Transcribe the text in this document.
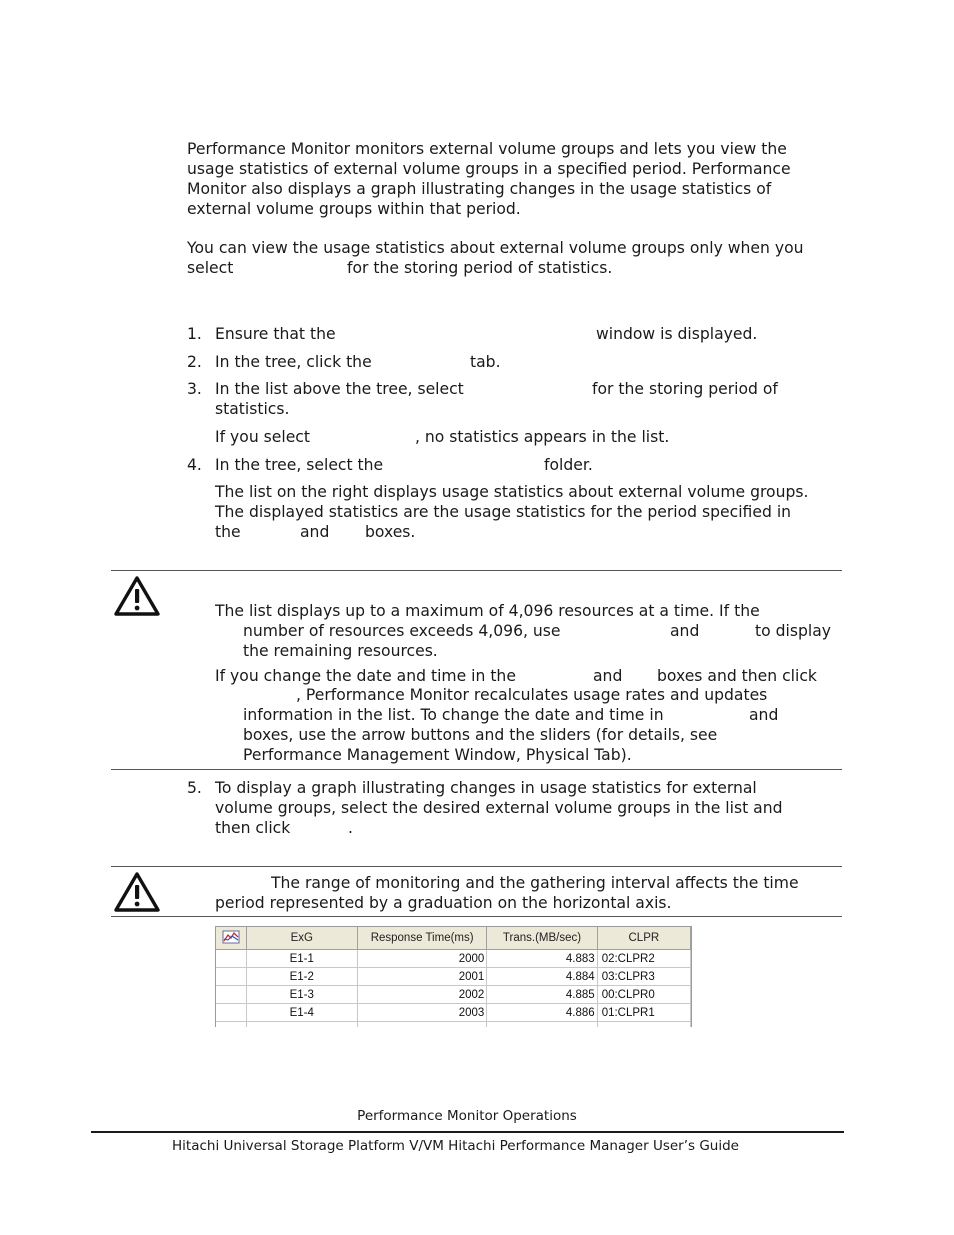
Performance Monitor monitors external volume groups and lets you view the

usage statistics of external volume groups in a specified period. Performance

Monitor also displays a graph illustrating changes in the usage statistics of

external volume groups within that period.

You can view the usage statistics about external volume groups only when you

select	for the storing period of statistics.

1. Ensure that the	window is displayed.

2. In the tree, click the	tab.

3. In the list above the tree, select	for the storing period of

statistics.

If you select	, no statistics appears in the list.

4. In the tree, select the	folder.

The list on the right displays usage statistics about external volume groups.

The displayed statistics are the usage statistics for the period specified in

the	and boxes.

The list displays up to a maximum of 4,096 resources at a time. If the

number of resources exceeds 4,096, use	and	to display

the remaining resources.

If you change the date and time in the	and boxes and then click

, Performance Monitor recalculates usage rates and updates

information in the list. To change the date and time in	and

boxes, use the arrow buttons and the sliders (for details, see

Performance Management Window, Physical Tab).

5. To display a graph illustrating changes in usage statistics for external

volume groups, select the desired external volume groups in the list and

then click	.

The range of monitoring and the gathering interval affects the time

period represented by a graduation on the horizontal axis.

	ExG	Response Time(ms)	Trans.(MB/sec)	CLPR
	E1-1	2000	4.883	02:CLPR2
	E1-2	2001	4.884	03:CLPR3
	E1-3	2002	4.885	00:CLPR0
	E1-4	2003	4.886	01:CLPR1

Performance Monitor Operations
Hitachi Universal Storage Platform V/VM Hitachi Performance Manager User’s Guide
